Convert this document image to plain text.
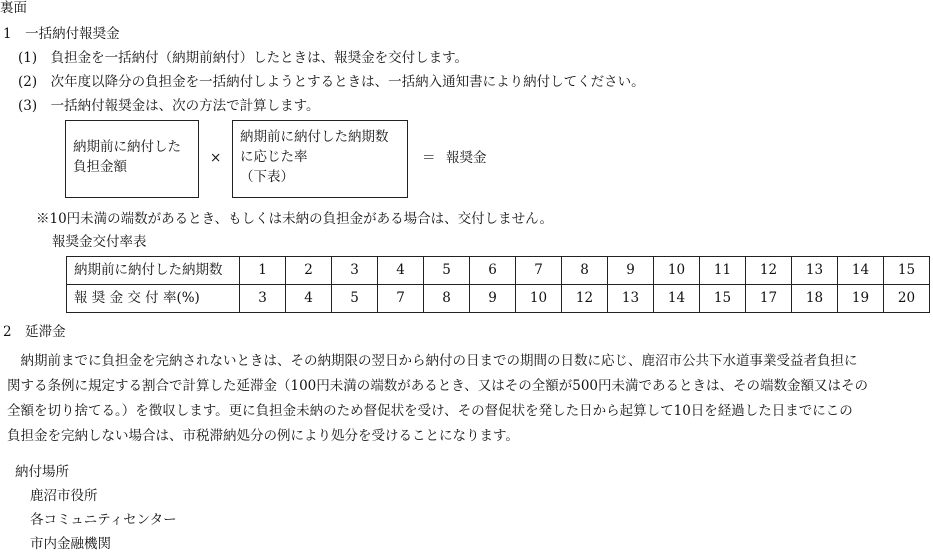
裏面
1　一括納付報奨金
(1)　負担金を一括納付（納期前納付）したときは、報奨金を交付します。
(2)　次年度以降分の負担金を一括納付しようとするときは、一括納入通知書により納付してください。
(3)　一括納付報奨金は、次の方法で計算します。
納期前に納付した
負担金額
×
納期前に納付した納期数
に応じた率
（下表）
＝ 報奨金
※10円未満の端数があるとき、もしくは未納の負担金がある場合は、交付しません。
報奨金交付率表
納期前に納付した納期数	1	2	3	4	5	6	7	8	9	10	11	12	13	14	15
報 奨 金 交 付 率(%)	3	4	5	7	8	9	10	12	13	14	15	17	18	19	20
2　延滞金
　納期前までに負担金を完納されないときは、その納期限の翌日から納付の日までの期間の日数に応じ、鹿沼市公共下水道事業受益者負担に
関する条例に規定する割合で計算した延滞金（100円未満の端数があるとき、又はその全額が500円未満であるときは、その端数金額又はその
全額を切り捨てる。）を徴収します。更に負担金未納のため督促状を受け、その督促状を発した日から起算して10日を経過した日までにこの
負担金を完納しない場合は、市税滞納処分の例により処分を受けることになります。
納付場所
鹿沼市役所
各コミュニティセンター
市内金融機関
